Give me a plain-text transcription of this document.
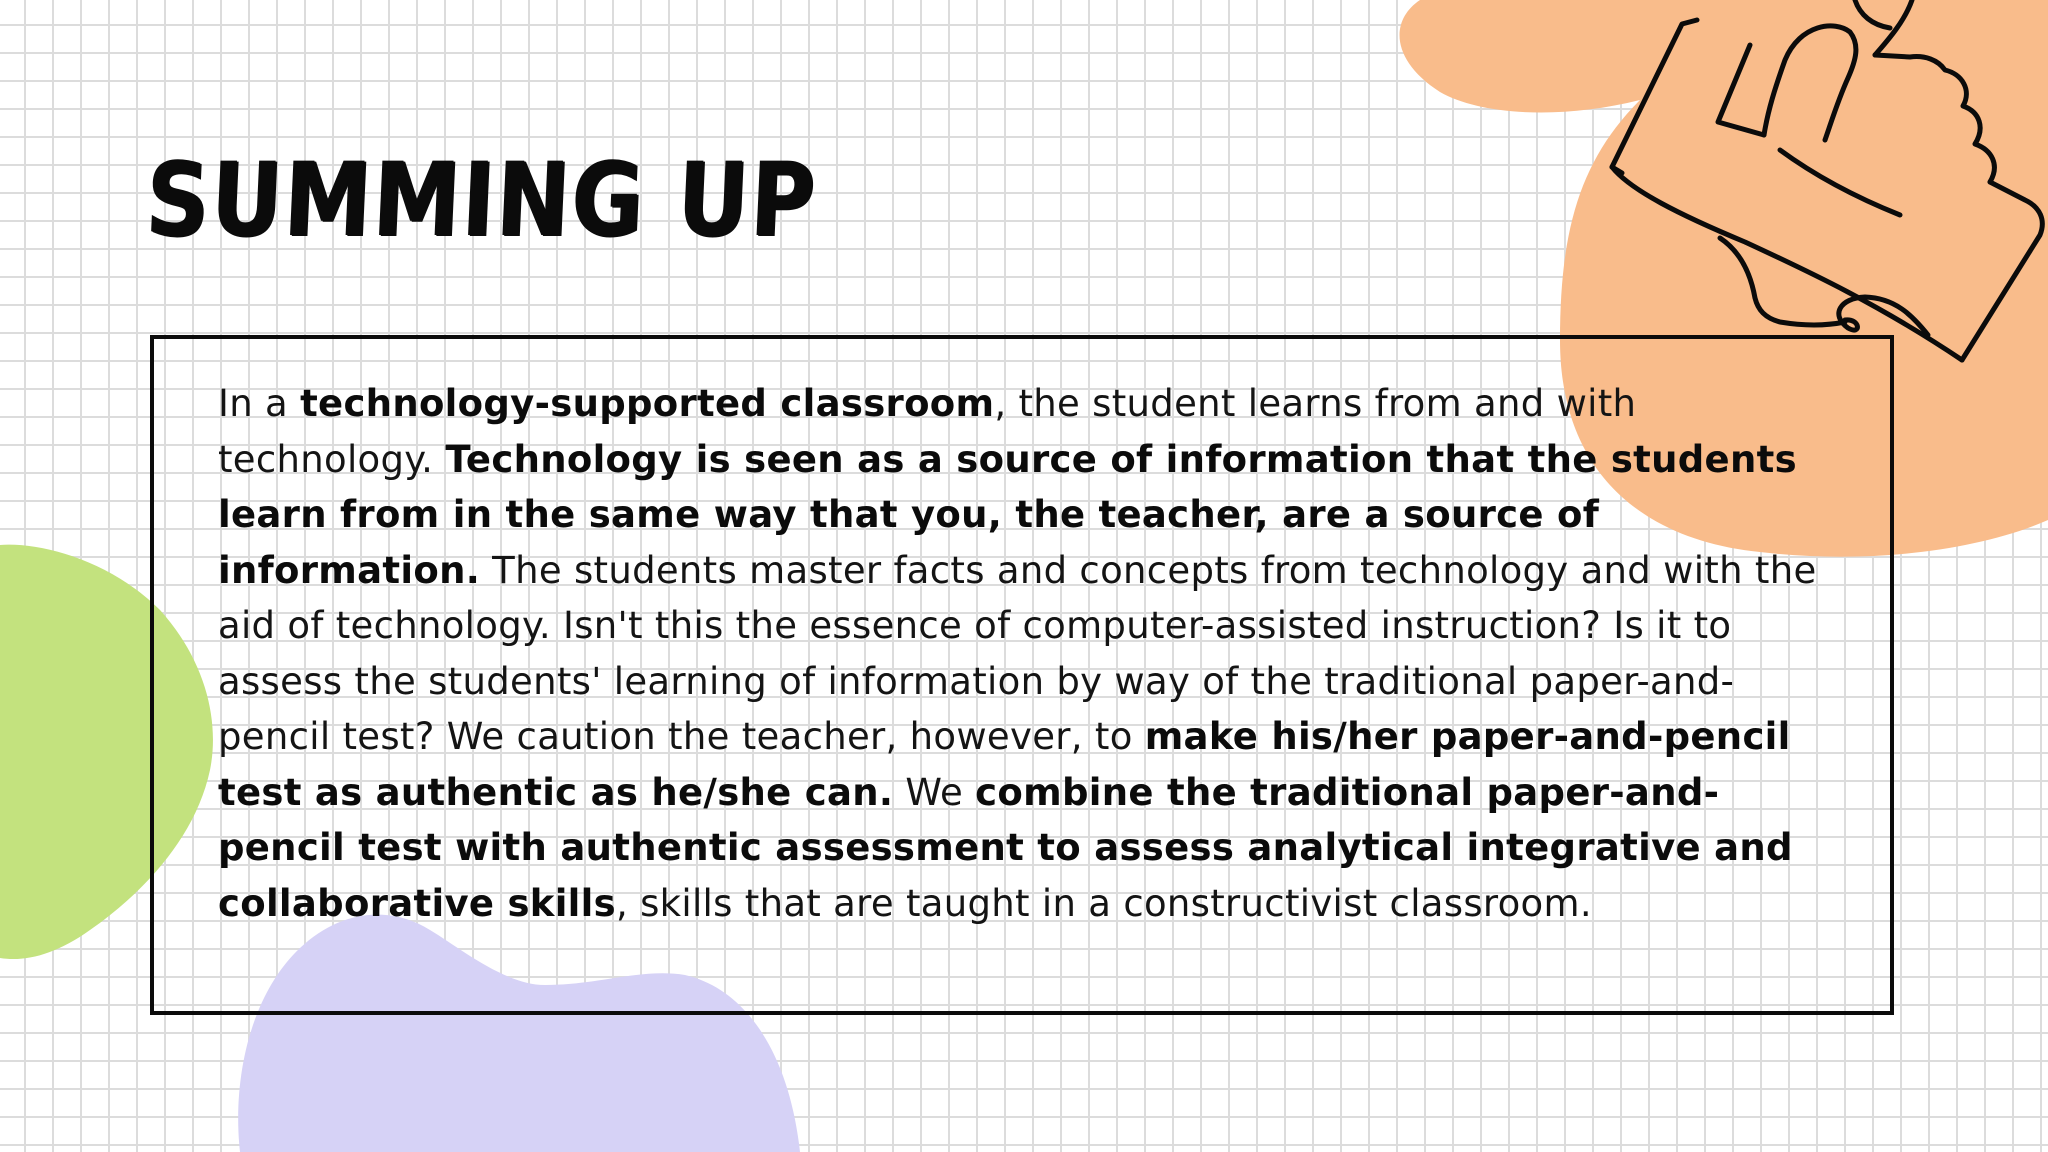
SUMMING UP

In a technology-supported classroom, the student learns from and with technology. Technology is seen as a source of information that the students learn from in the same way that you, the teacher, are a source of information. The students master facts and concepts from technology and with the aid of technology. Isn't this the essence of computer-assisted instruction? Is it to assess the students' learning of information by way of the traditional paper-and-pencil test? We caution the teacher, however, to make his/her paper-and-pencil test as authentic as he/she can. We combine the traditional paper-and-pencil test with authentic assessment to assess analytical integrative and collaborative skills, skills that are taught in a constructivist classroom.
